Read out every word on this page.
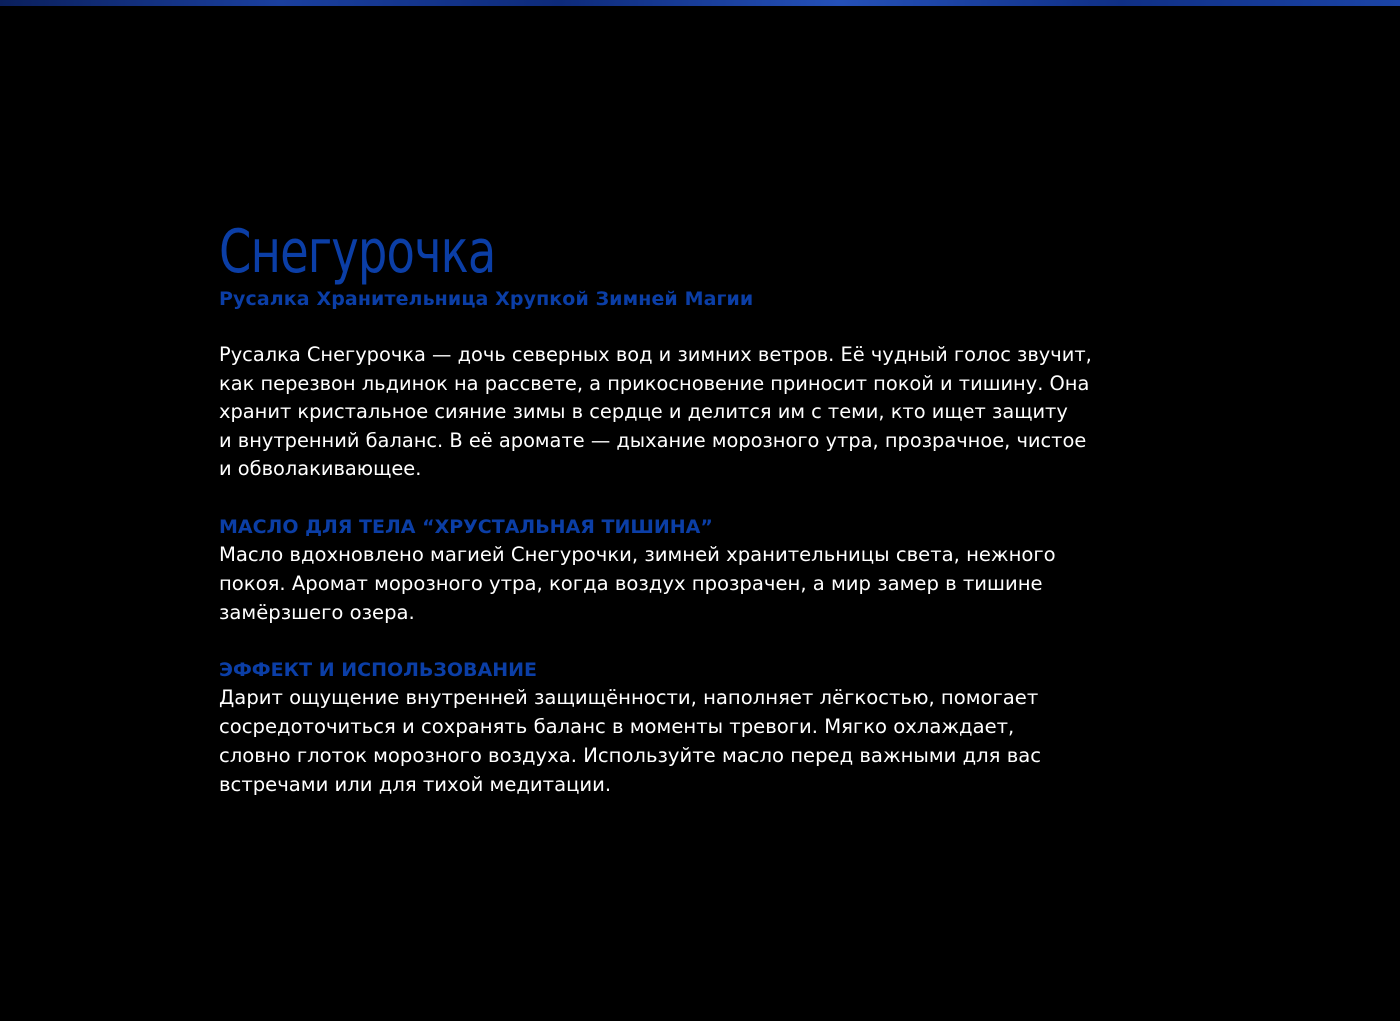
Снегурочка
Русалка Хранительница Хрупкой Зимней Магии

Русалка Снегурочка — дочь северных вод и зимних ветров. Её чудный голос звучит,
как перезвон льдинок на рассвете, а прикосновение приносит покой и тишину. Она
хранит кристальное сияние зимы в сердце и делится им с теми, кто ищет защиту
и внутренний баланс. В её аромате — дыхание морозного утра, прозрачное, чистое
и обволакивающее.

МАСЛО ДЛЯ ТЕЛА “ХРУСТАЛЬНАЯ ТИШИНА”

Масло вдохновлено магией Снегурочки, зимней хранительницы света, нежного
покоя. Аромат морозного утра, когда воздух прозрачен, а мир замер в тишине
замёрзшего озера.

ЭФФЕКТ И ИСПОЛЬЗОВАНИЕ

Дарит ощущение внутренней защищённости, наполняет лёгкостью, помогает
сосредоточиться и сохранять баланс в моменты тревоги. Мягко охлаждает,
словно глоток морозного воздуха. Используйте масло перед важными для вас
встречами или для тихой медитации.
